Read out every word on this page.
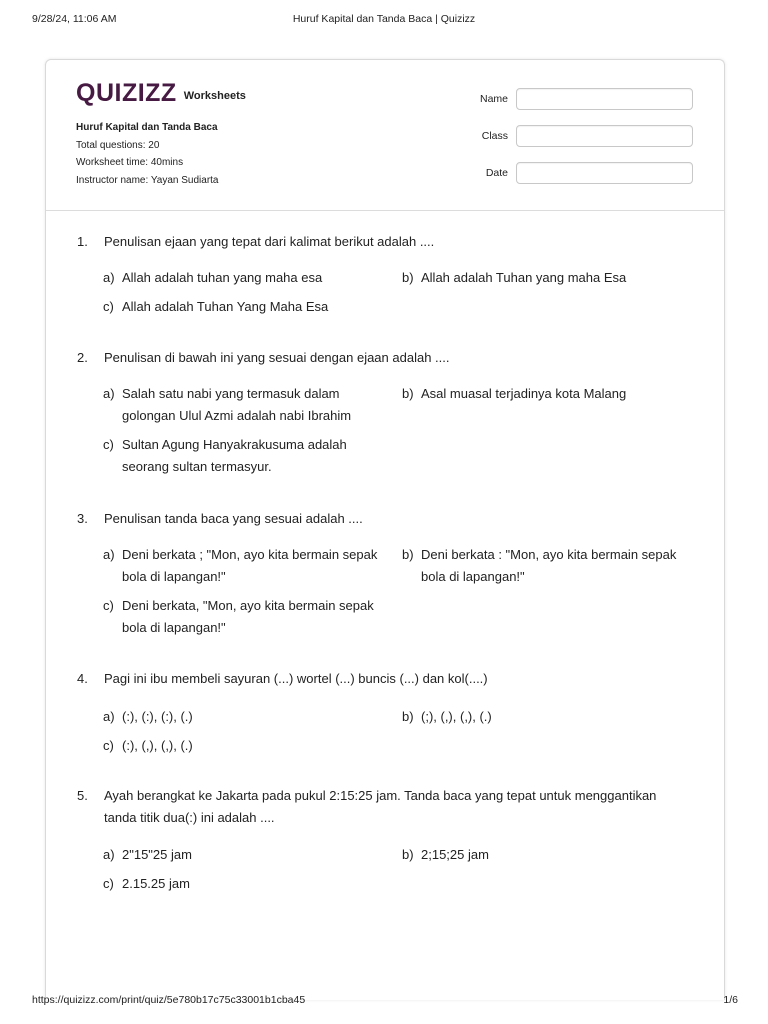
9/28/24, 11:06 AM	Huruf Kapital dan Tanda Baca | Quizizz
QUIZIZZ Worksheets
Huruf Kapital dan Tanda Baca
Total questions: 20
Worksheet time: 40mins
Instructor name: Yayan Sudiarta
Name
Class
Date
1. Penulisan ejaan yang tepat dari kalimat berikut adalah ....
a) Allah adalah tuhan yang maha esa	b) Allah adalah Tuhan yang maha Esa
c) Allah adalah Tuhan Yang Maha Esa
2. Penulisan di bawah ini yang sesuai dengan ejaan adalah ....
a) Salah satu nabi yang termasuk dalam golongan Ulul Azmi adalah nabi Ibrahim
b) Asal muasal terjadinya kota Malang
c) Sultan Agung Hanyakrakusuma adalah seorang sultan termasyur.
3. Penulisan tanda baca yang sesuai adalah ....
a) Deni berkata ; "Mon, ayo kita bermain sepak bola di lapangan!"
b) Deni berkata : "Mon, ayo kita bermain sepak bola di lapangan!"
c) Deni berkata, "Mon, ayo kita bermain sepak bola di lapangan!"
4. Pagi ini ibu membeli sayuran (...) wortel (...) buncis (...) dan kol(....)
a) (:), (:), (:), (.)	b) (;), (,), (,), (.)
c) (:), (,), (,), (.)
5. Ayah berangkat ke Jakarta pada pukul 2:15:25 jam. Tanda baca yang tepat untuk menggantikan tanda titik dua(:) ini adalah ....
a) 2"15"25 jam	b) 2;15;25 jam
c) 2.15.25 jam
https://quizizz.com/print/quiz/5e780b17c75c33001b1cba45	1/6
